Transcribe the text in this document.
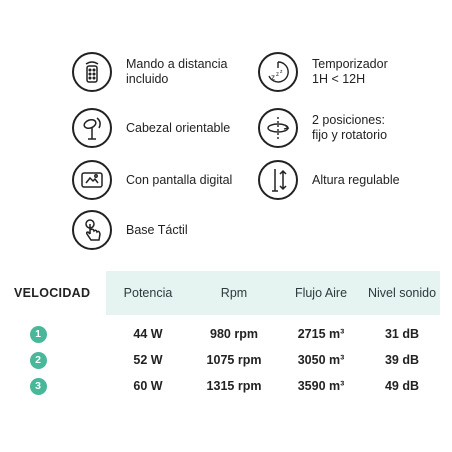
Mando a distancia
incluido	z z z
Temporizador
1H < 12H
Cabezal orientable
2 posiciones:
fijo y rotatorio
Con pantalla digital	Altura regulable
Base Táctil
VELOCIDAD	Potencia	Rpm	Flujo Aire	Nivel sonido
1	44 W	980 rpm	2715 m³	31 dB
2	52 W	1075 rpm	3050 m³	39 dB
3	60 W	1315 rpm	3590 m³	49 dB
